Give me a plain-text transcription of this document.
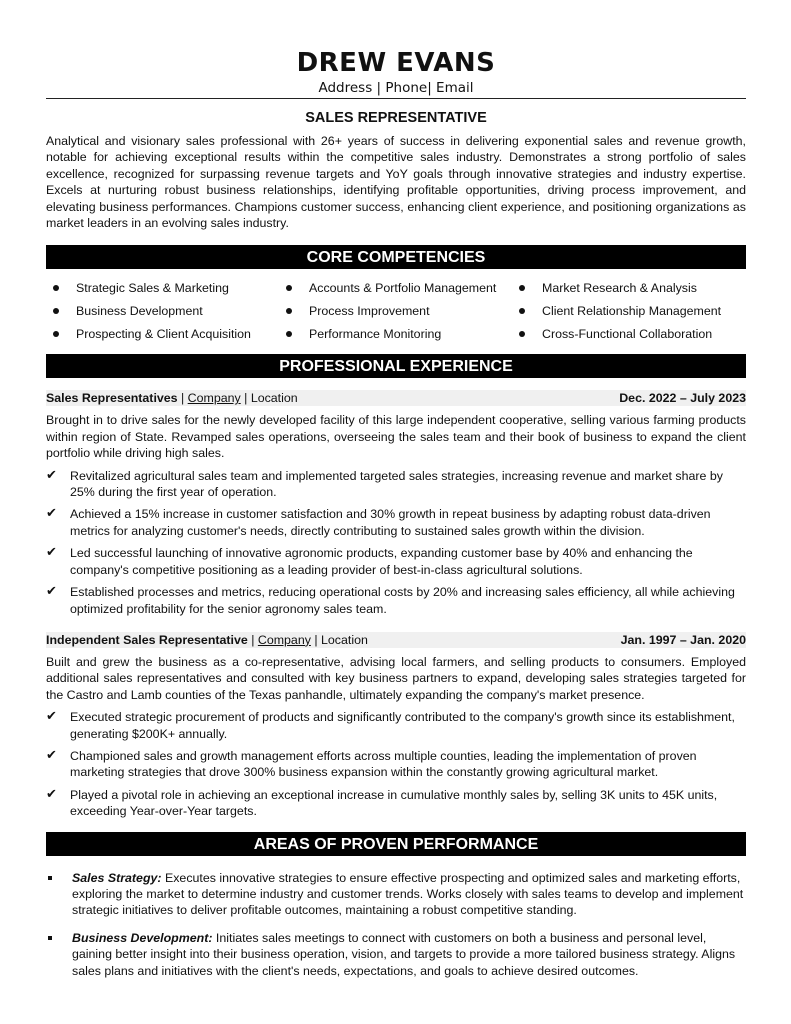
DREW EVANS
Address | Phone| Email
SALES REPRESENTATIVE
Analytical and visionary sales professional with 26+ years of success in delivering exponential sales and revenue growth, notable for achieving exceptional results within the competitive sales industry. Demonstrates a strong portfolio of sales excellence, recognized for surpassing revenue targets and YoY goals through innovative strategies and industry expertise. Excels at nurturing robust business relationships, identifying profitable opportunities, driving process improvement, and elevating business performances. Champions customer success, enhancing client experience, and positioning organizations as market leaders in an evolving sales industry.
CORE COMPETENCIES
Strategic Sales & Marketing	Accounts & Portfolio Management	Market Research & Analysis
Business Development	Process Improvement	Client Relationship Management
Prospecting & Client Acquisition	Performance Monitoring	Cross-Functional Collaboration
PROFESSIONAL EXPERIENCE
Sales Representatives | Company | Location	Dec. 2022 – July 2023
Brought in to drive sales for the newly developed facility of this large independent cooperative, selling various farming products within region of State. Revamped sales operations, overseeing the sales team and their book of business to expand the client portfolio while driving high sales.
✔	Revitalized agricultural sales team and implemented targeted sales strategies, increasing revenue and market share by 25% during the first year of operation.
✔	Achieved a 15% increase in customer satisfaction and 30% growth in repeat business by adapting robust data-driven metrics for analyzing customer's needs, directly contributing to sustained sales growth within the division.
✔	Led successful launching of innovative agronomic products, expanding customer base by 40% and enhancing the company's competitive positioning as a leading provider of best-in-class agricultural solutions.
✔	Established processes and metrics, reducing operational costs by 20% and increasing sales efficiency, all while achieving optimized profitability for the senior agronomy sales team.
Independent Sales Representative | Company | Location	Jan. 1997 – Jan. 2020
Built and grew the business as a co-representative, advising local farmers, and selling products to consumers. Employed additional sales representatives and consulted with key business partners to expand, developing sales strategies targeted for the Castro and Lamb counties of the Texas panhandle, ultimately expanding the company's market presence.
✔	Executed strategic procurement of products and significantly contributed to the company's growth since its establishment, generating $200K+ annually.
✔	Championed sales and growth management efforts across multiple counties, leading the implementation of proven marketing strategies that drove 300% business expansion within the constantly growing agricultural market.
✔	Played a pivotal role in achieving an exceptional increase in cumulative monthly sales by, selling 3K units to 45K units, exceeding Year-over-Year targets.
AREAS OF PROVEN PERFORMANCE
Sales Strategy: Executes innovative strategies to ensure effective prospecting and optimized sales and marketing efforts, exploring the market to determine industry and customer trends. Works closely with sales teams to develop and implement strategic initiatives to deliver profitable outcomes, maintaining a robust competitive standing.
Business Development: Initiates sales meetings to connect with customers on both a business and personal level, gaining better insight into their business operation, vision, and targets to provide a more tailored business strategy. Aligns sales plans and initiatives with the client's needs, expectations, and goals to achieve desired outcomes.
